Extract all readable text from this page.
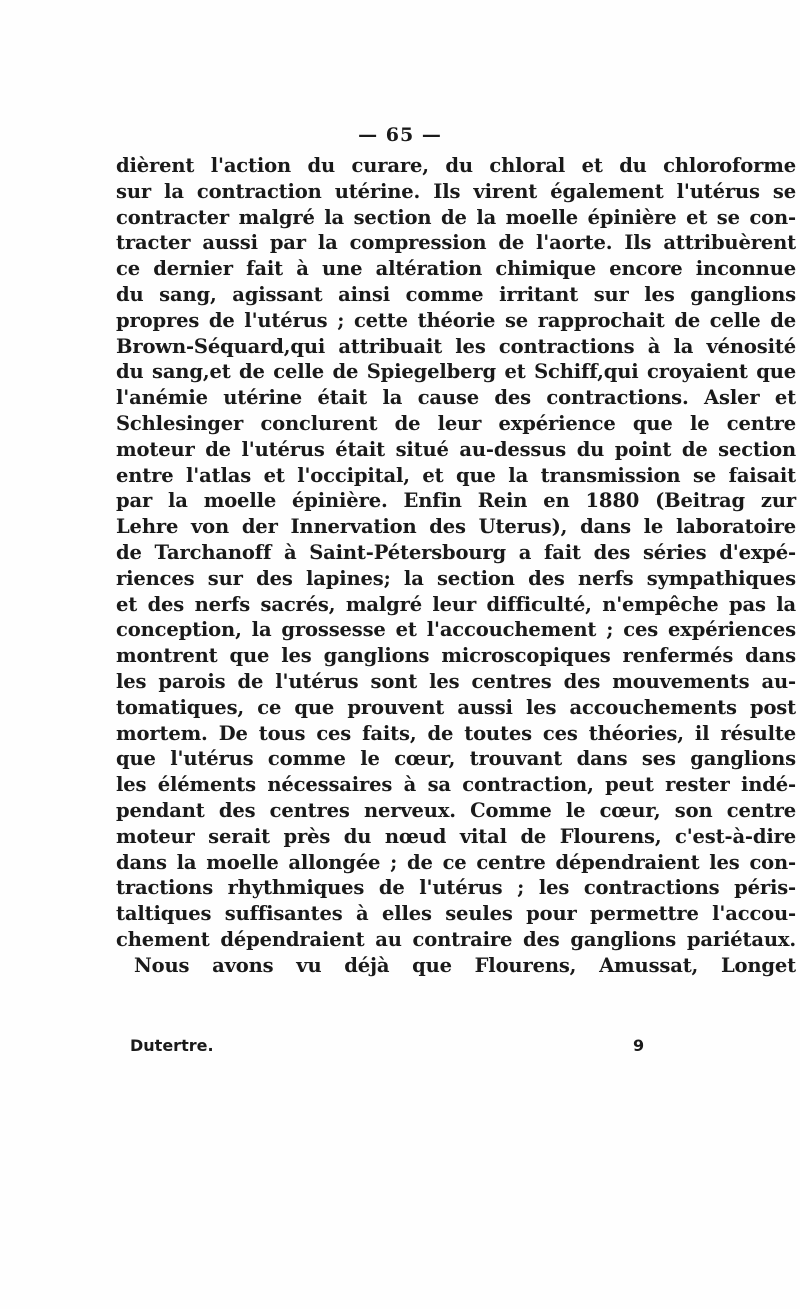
— 65 —
dièrent l'action du curare, du chloral et du chloroforme
sur la contraction utérine. Ils virent également l'utérus se
contracter malgré la section de la moelle épinière et se con-
tracter aussi par la compression de l'aorte. Ils attribuèrent
ce dernier fait à une altération chimique encore inconnue
du sang, agissant ainsi comme irritant sur les ganglions
propres de l'utérus ; cette théorie se rapprochait de celle de
Brown-Séquard,qui attribuait les contractions à la vénosité
du sang,et de celle de Spiegelberg et Schiff,qui croyaient que
l'anémie utérine était la cause des contractions. Asler et
Schlesinger conclurent de leur expérience que le centre
moteur de l'utérus était situé au-dessus du point de section
entre l'atlas et l'occipital, et que la transmission se faisait
par la moelle épinière. Enfin Rein en 1880 (Beitrag zur
Lehre von der Innervation des Uterus), dans le laboratoire
de Tarchanoff à Saint-Pétersbourg a fait des séries d'expé-
riences sur des lapines; la section des nerfs sympathiques
et des nerfs sacrés, malgré leur difficulté, n'empêche pas la
conception, la grossesse et l'accouchement ; ces expériences
montrent que les ganglions microscopiques renfermés dans
les parois de l'utérus sont les centres des mouvements au-
tomatiques, ce que prouvent aussi les accouchements post
mortem. De tous ces faits, de toutes ces théories, il résulte
que l'utérus comme le cœur, trouvant dans ses ganglions
les éléments nécessaires à sa contraction, peut rester indé-
pendant des centres nerveux. Comme le cœur, son centre
moteur serait près du nœud vital de Flourens, c'est-à-dire
dans la moelle allongée ; de ce centre dépendraient les con-
tractions rhythmiques de l'utérus ; les contractions péris-
taltiques suffisantes à elles seules pour permettre l'accou-
chement dépendraient au contraire des ganglions pariétaux.
Nous avons vu déjà que Flourens, Amussat, Longet
Dutertre.	9
